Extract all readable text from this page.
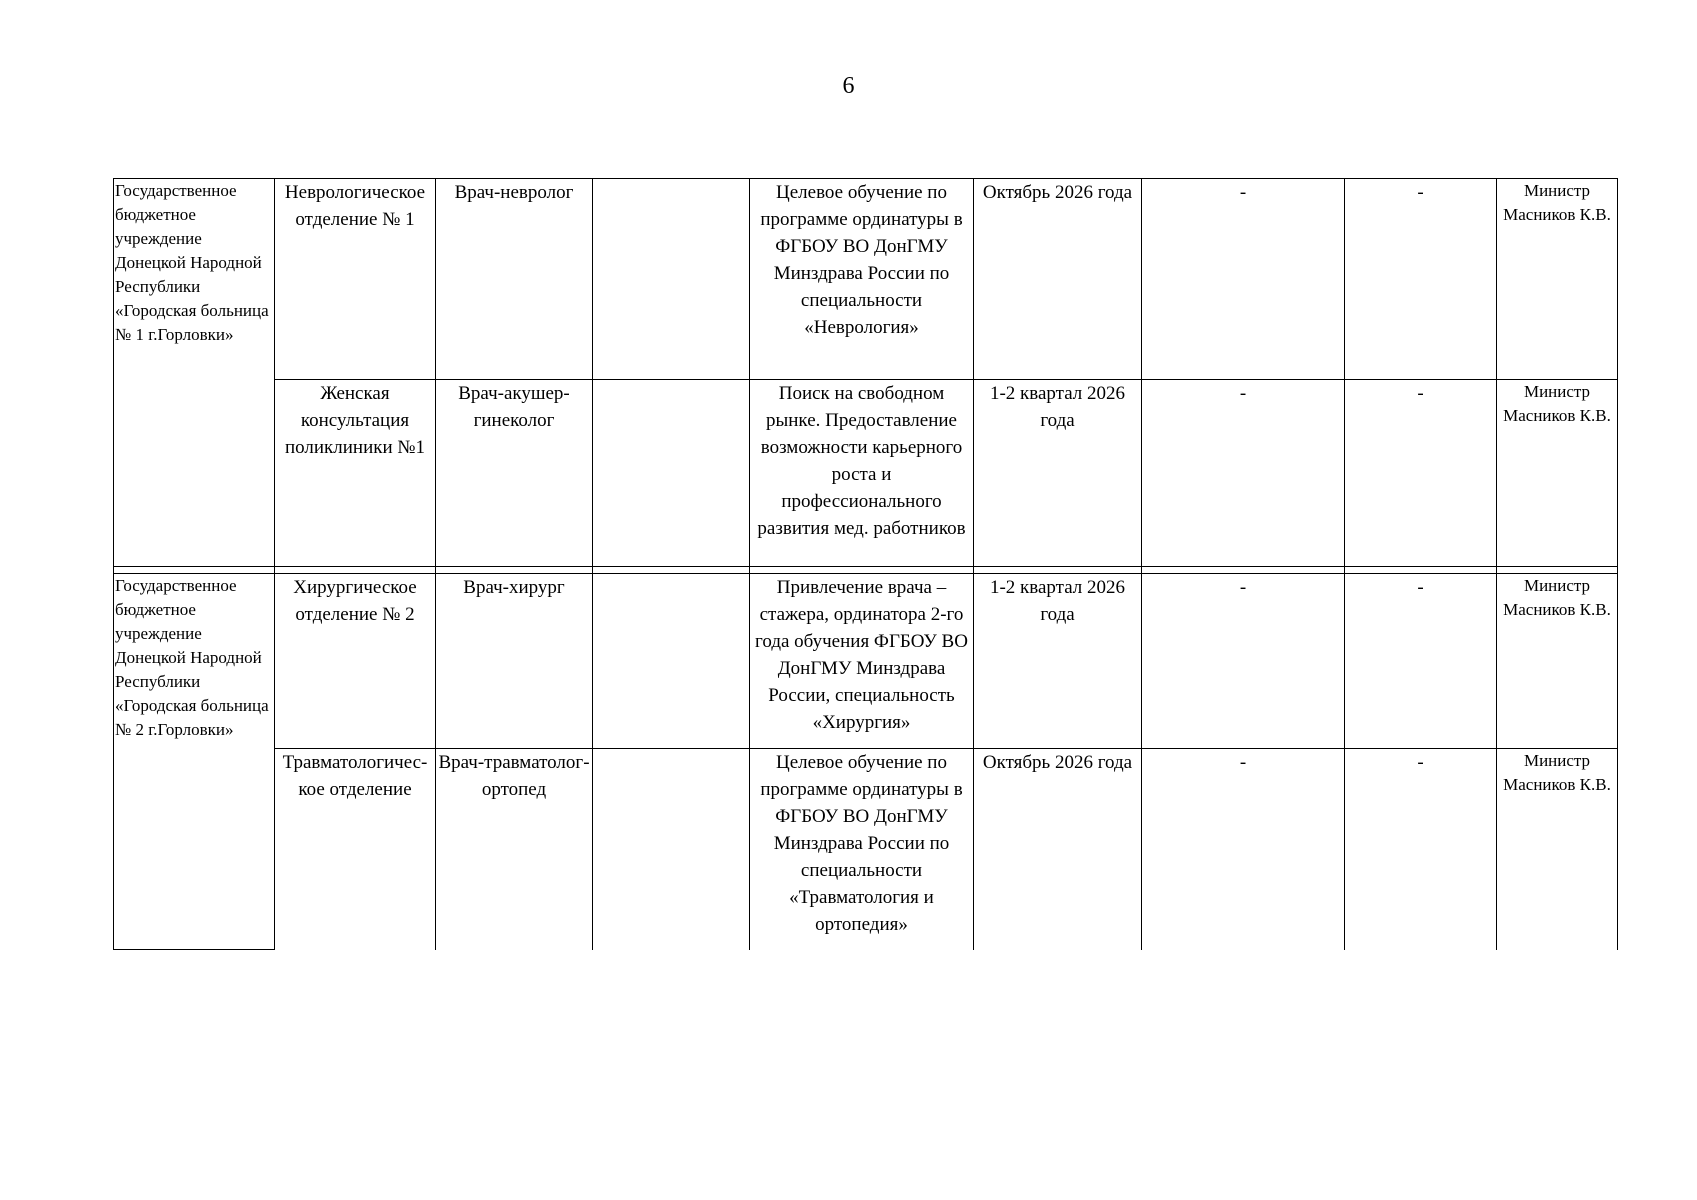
6
Государственное бюджетное учреждение Донецкой Народной Республики «Городская больница № 1 г.Горловки»	Неврологическое отделение № 1	Врач-невролог		Целевое обучение по программе ординатуры в ФГБОУ ВО ДонГМУ Минздрава России по специальности «Неврология»	Октябрь 2026 года	-	-	Министр Масников К.В.
	Женская консультация поликлиники №1	Врач-акушер-гинеколог		Поиск на свободном рынке. Предоставление возможности карьерного роста и профессионального развития мед. работников	1-2 квартал 2026 года	-	-	Министр Масников К.В.

Государственное бюджетное учреждение Донецкой Народной Республики «Городская больница № 2 г.Горловки»	Хирургическое отделение № 2	Врач-хирург		Привлечение врача – стажера, ординатора 2-го года обучения ФГБОУ ВО ДонГМУ Минздрава России, специальность «Хирургия»	1-2 квартал 2026 года	-	-	Министр Масников К.В.
	Травматологичес-кое отделение	Врач-травматолог-ортопед		Целевое обучение по программе ординатуры в ФГБОУ ВО ДонГМУ Минздрава России по специальности «Травматология и ортопедия»	Октябрь 2026 года	-	-	Министр Масников К.В.
